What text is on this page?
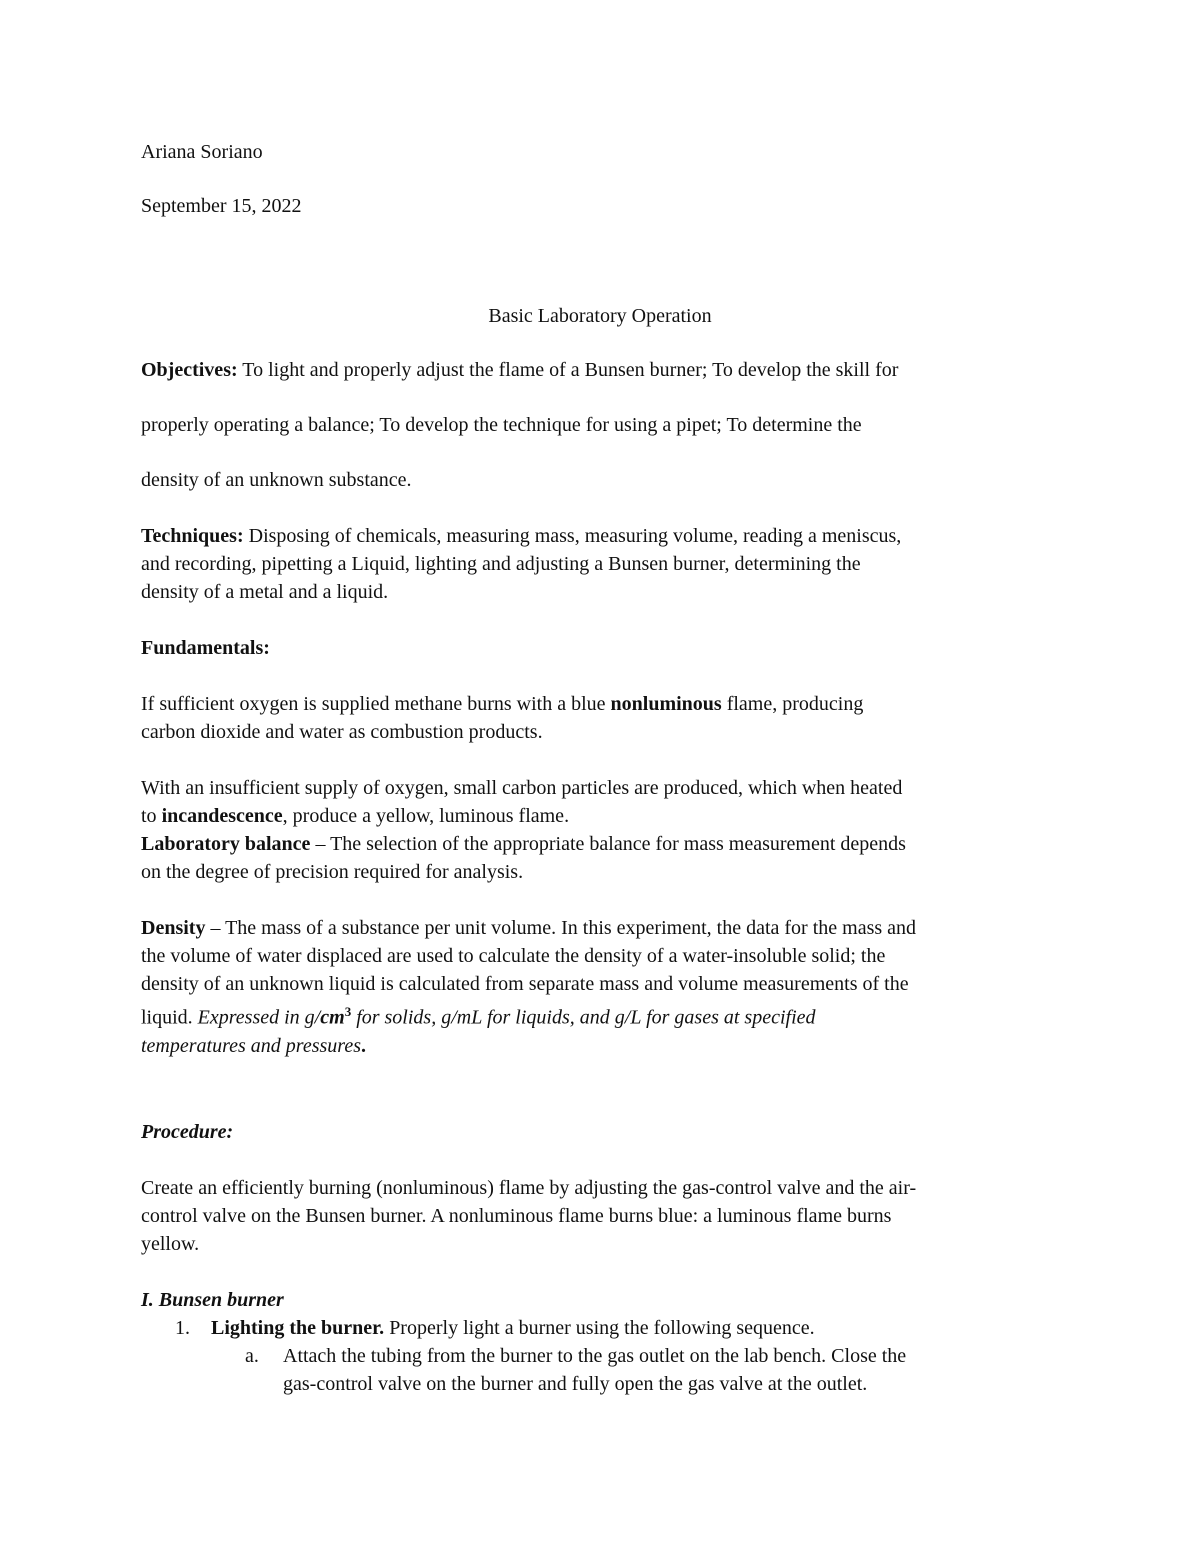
Ariana Soriano

September 15, 2022

Basic Laboratory Operation

Objectives: To light and properly adjust the flame of a Bunsen burner; To develop the skill for

properly operating a balance; To develop the technique for using a pipet; To determine the

density of an unknown substance.

Techniques: Disposing of chemicals, measuring mass, measuring volume, reading a meniscus,

and recording, pipetting a Liquid, lighting and adjusting a Bunsen burner, determining the

density of a metal and a liquid.

Fundamentals:

If sufficient oxygen is supplied methane burns with a blue nonluminous flame, producing

carbon dioxide and water as combustion products.

With an insufficient supply of oxygen, small carbon particles are produced, which when heated

to incandescence, produce a yellow, luminous flame.

Laboratory balance – The selection of the appropriate balance for mass measurement depends

on the degree of precision required for analysis.

Density – The mass of a substance per unit volume. In this experiment, the data for the mass and

the volume of water displaced are used to calculate the density of a water-insoluble solid; the

density of an unknown liquid is calculated from separate mass and volume measurements of the

liquid. Expressed in $g/cm^3$ for solids, g/mL for liquids, and g/L for gases at specified

temperatures and pressures.

Procedure:

Create an efficiently burning (nonluminous) flame by adjusting the gas-control valve and the air-

control valve on the Bunsen burner. A nonluminous flame burns blue: a luminous flame burns

yellow.

I. Bunsen burner

1. Lighting the burner. Properly light a burner using the following sequence.
a. Attach the tubing from the burner to the gas outlet on the lab bench. Close the
gas-control valve on the burner and fully open the gas valve at the outlet.
